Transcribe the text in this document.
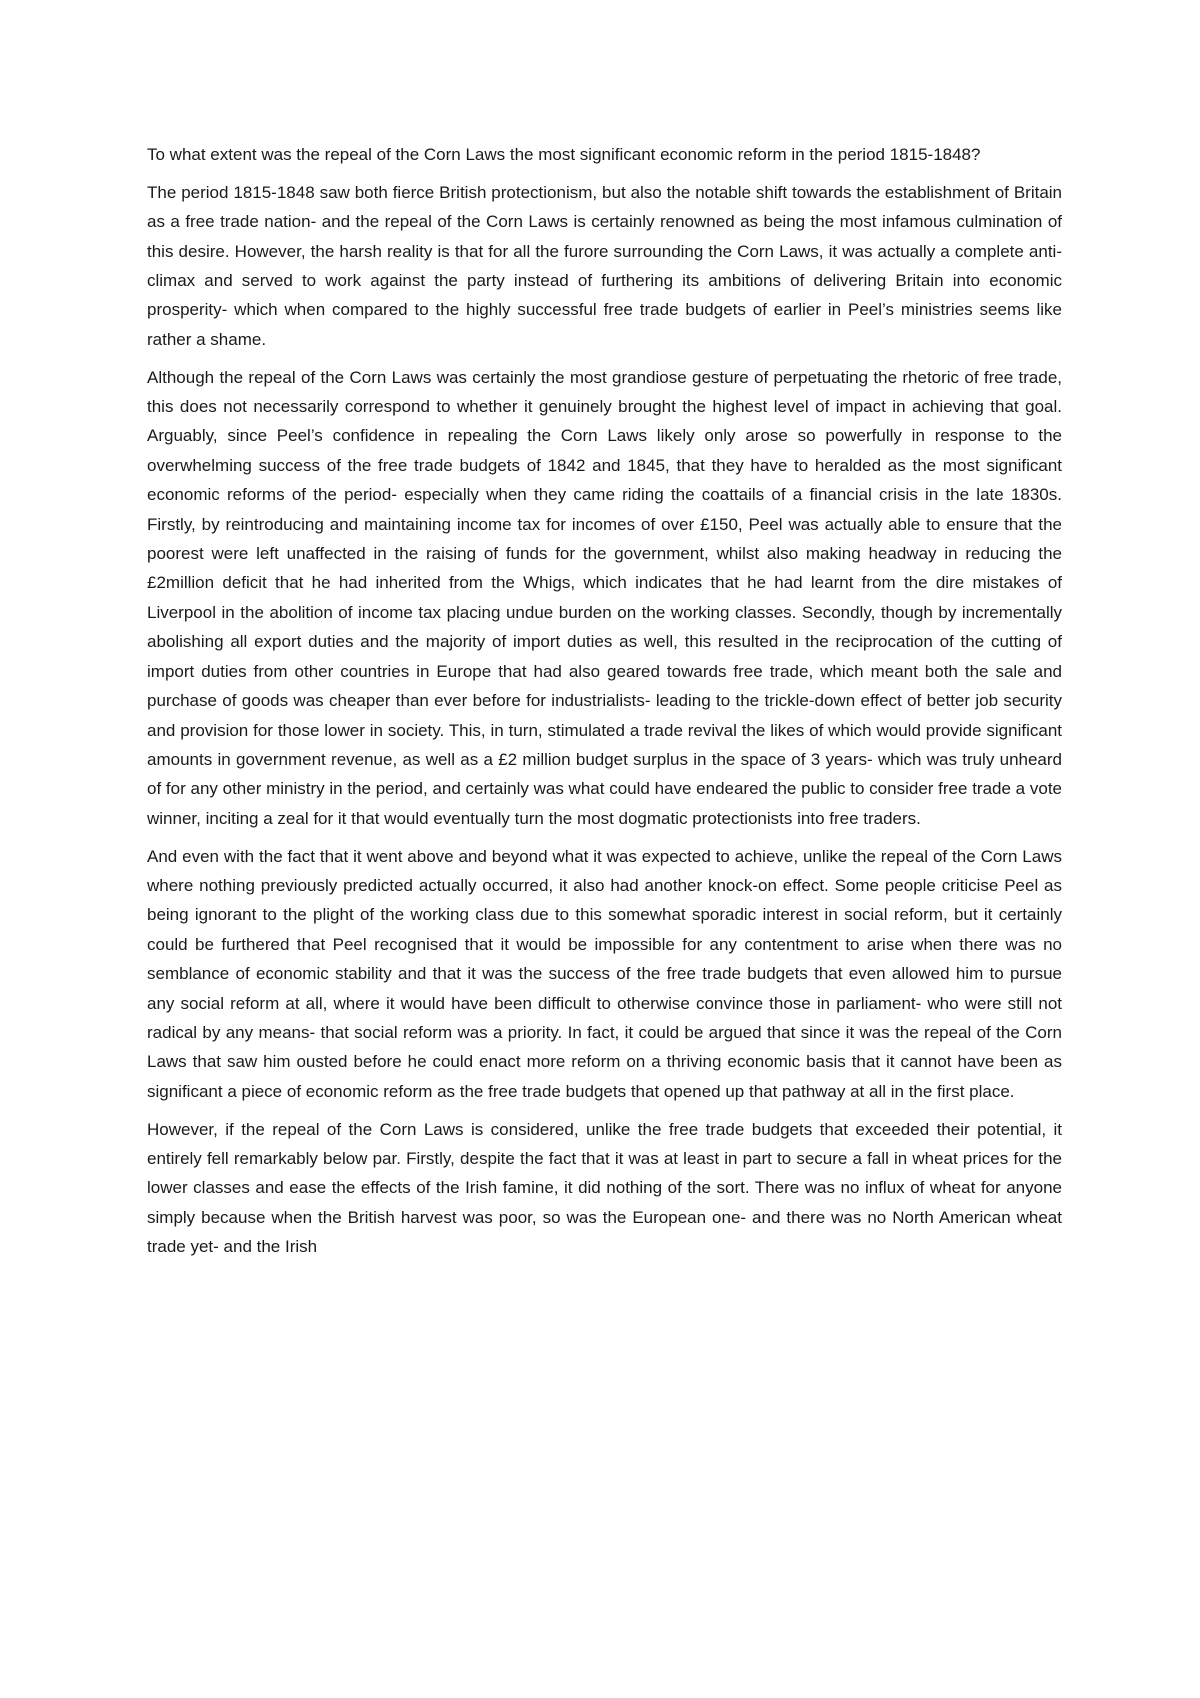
To what extent was the repeal of the Corn Laws the most significant economic reform in the period 1815-1848?

The period 1815-1848 saw both fierce British protectionism, but also the notable shift towards the establishment of Britain as a free trade nation- and the repeal of the Corn Laws is certainly renowned as being the most infamous culmination of this desire. However, the harsh reality is that for all the furore surrounding the Corn Laws, it was actually a complete anti-climax and served to work against the party instead of furthering its ambitions of delivering Britain into economic prosperity- which when compared to the highly successful free trade budgets of earlier in Peel’s ministries seems like rather a shame.

Although the repeal of the Corn Laws was certainly the most grandiose gesture of perpetuating the rhetoric of free trade, this does not necessarily correspond to whether it genuinely brought the highest level of impact in achieving that goal. Arguably, since Peel’s confidence in repealing the Corn Laws likely only arose so powerfully in response to the overwhelming success of the free trade budgets of 1842 and 1845, that they have to heralded as the most significant economic reforms of the period- especially when they came riding the coattails of a financial crisis in the late 1830s. Firstly, by reintroducing and maintaining income tax for incomes of over £150, Peel was actually able to ensure that the poorest were left unaffected in the raising of funds for the government, whilst also making headway in reducing the £2million deficit that he had inherited from the Whigs, which indicates that he had learnt from the dire mistakes of Liverpool in the abolition of income tax placing undue burden on the working classes. Secondly, though by incrementally abolishing all export duties and the majority of import duties as well, this resulted in the reciprocation of the cutting of import duties from other countries in Europe that had also geared towards free trade, which meant both the sale and purchase of goods was cheaper than ever before for industrialists- leading to the trickle-down effect of better job security and provision for those lower in society. This, in turn, stimulated a trade revival the likes of which would provide significant amounts in government revenue, as well as a £2 million budget surplus in the space of 3 years- which was truly unheard of for any other ministry in the period, and certainly was what could have endeared the public to consider free trade a vote winner, inciting a zeal for it that would eventually turn the most dogmatic protectionists into free traders.

And even with the fact that it went above and beyond what it was expected to achieve, unlike the repeal of the Corn Laws where nothing previously predicted actually occurred, it also had another knock-on effect. Some people criticise Peel as being ignorant to the plight of the working class due to this somewhat sporadic interest in social reform, but it certainly could be furthered that Peel recognised that it would be impossible for any contentment to arise when there was no semblance of economic stability and that it was the success of the free trade budgets that even allowed him to pursue any social reform at all, where it would have been difficult to otherwise convince those in parliament- who were still not radical by any means- that social reform was a priority. In fact, it could be argued that since it was the repeal of the Corn Laws that saw him ousted before he could enact more reform on a thriving economic basis that it cannot have been as significant a piece of economic reform as the free trade budgets that opened up that pathway at all in the first place.

However, if the repeal of the Corn Laws is considered, unlike the free trade budgets that exceeded their potential, it entirely fell remarkably below par. Firstly, despite the fact that it was at least in part to secure a fall in wheat prices for the lower classes and ease the effects of the Irish famine, it did nothing of the sort. There was no influx of wheat for anyone simply because when the British harvest was poor, so was the European one- and there was no North American wheat trade yet- and the Irish
